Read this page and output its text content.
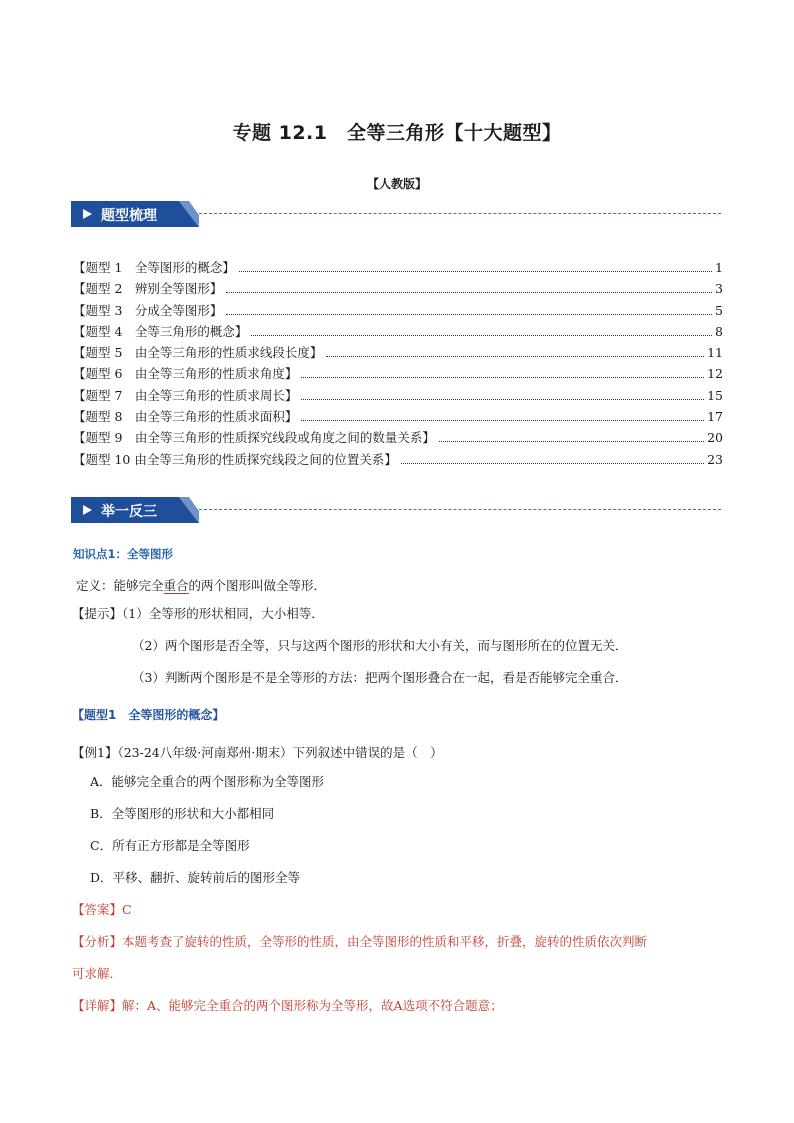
专题 12.1　全等三角形【十大题型】
【人教版】
题型梳理
【题型 1　全等图形的概念】	1
【题型 2　辨别全等图形】	3
【题型 3　分成全等图形】	5
【题型 4　全等三角形的概念】	8
【题型 5　由全等三角形的性质求线段长度】	11
【题型 6　由全等三角形的性质求角度】	12
【题型 7　由全等三角形的性质求周长】	15
【题型 8　由全等三角形的性质求面积】	17
【题型 9　由全等三角形的性质探究线段或角度之间的数量关系】	20
【题型 10 由全等三角形的性质探究线段之间的位置关系】	23
举一反三
知识点1：全等图形
定义：能够完全重合的两个图形叫做全等形．
【提示】（1）全等形的形状相同，大小相等．
（2）两个图形是否全等，只与这两个图形的形状和大小有关，而与图形所在的位置无关．
（3）判断两个图形是不是全等形的方法：把两个图形叠合在一起，看是否能够完全重合．
【题型1　全等图形的概念】
【例1】（23-24八年级·河南郑州·期末）下列叙述中错误的是（　）
A．能够完全重合的两个图形称为全等图形
B．全等图形的形状和大小都相同
C．所有正方形都是全等图形
D．平移、翻折、旋转前后的图形全等
【答案】C
【分析】本题考查了旋转的性质，全等形的性质，由全等图形的性质和平移，折叠，旋转的性质依次判断
可求解．
【详解】解：A、能够完全重合的两个图形称为全等形，故A选项不符合题意；
